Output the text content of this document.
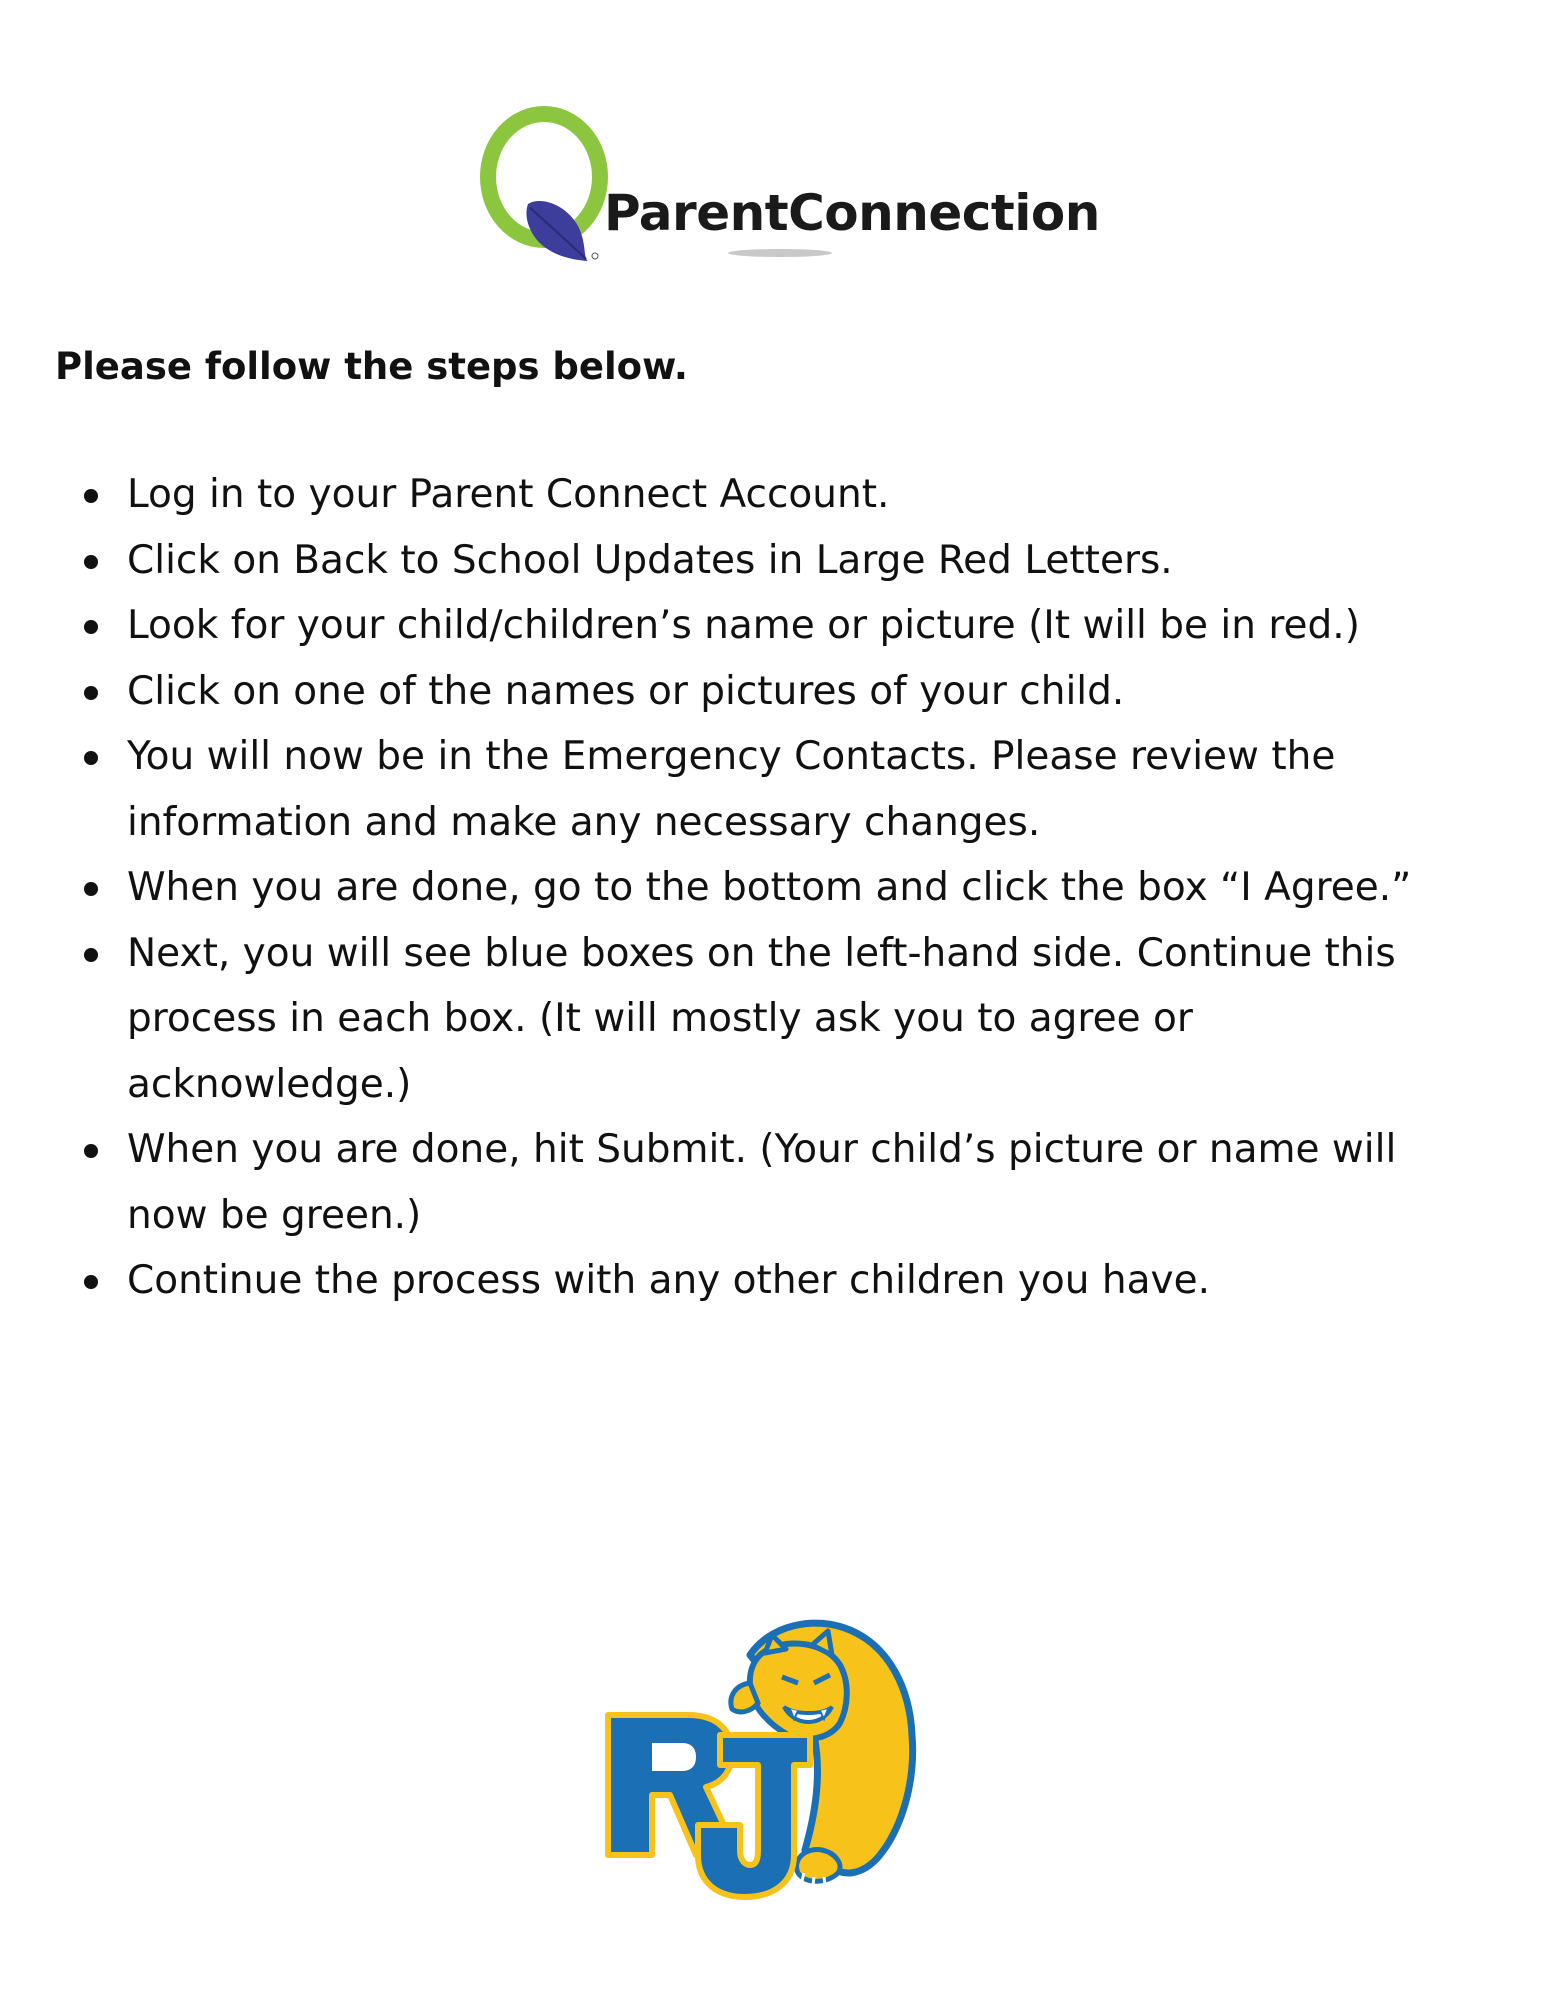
ParentConnection
Please follow the steps below.
Log in to your Parent Connect Account.
Click on Back to School Updates in Large Red Letters.
Look for your child/children’s name or picture (It will be in red.)
Click on one of the names or pictures of your child.
You will now be in the Emergency Contacts. Please review the
information and make any necessary changes.
When you are done, go to the bottom and click the box “I Agree.”
Next, you will see blue boxes on the left-hand side. Continue this
process in each box. (It will mostly ask you to agree or
acknowledge.)
When you are done, hit Submit. (Your child’s picture or name will
now be green.)
Continue the process with any other children you have.
